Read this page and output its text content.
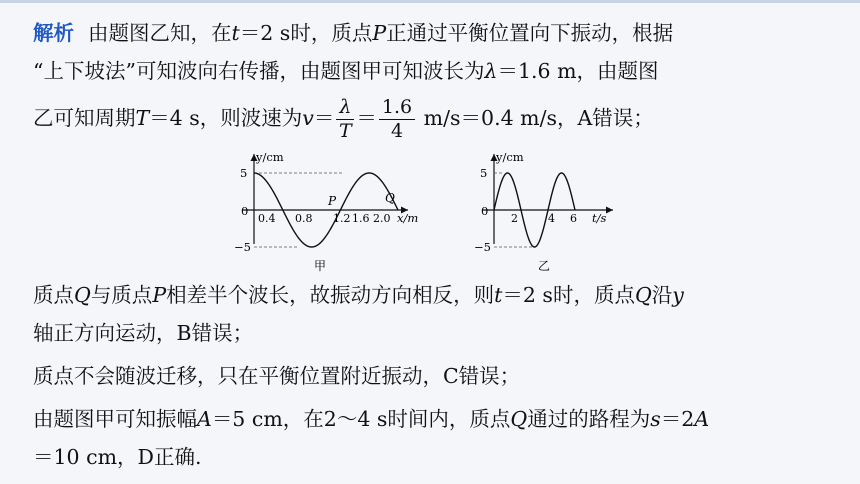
解析 由题图乙知，在t＝2 s时，质点P正通过平衡位置向下振动，根据
“上下坡法”可知波向右传播，由题图甲可知波长为λ＝1.6 m，由题图
乙可知周期T＝4 s，则波速为$v= \frac{\lambda}{T} = \frac{1.6}{4} m/s=0.4$ m/s，A错误；
y/cm
x/m
5
−5
0
0.4 0.8 1.2 1.6 2.0
P	Q
甲
y/cm
t/s
5
−5
0
2	4 6
乙
质点Q与质点P相差半个波长，故振动方向相反，则t＝2 s时，质点Q沿y
轴正方向运动，B错误；
质点不会随波迁移，只在平衡位置附近振动，C错误；
由题图甲可知振幅A＝5 cm，在2～4 s时间内，质点Q通过的路程为s＝2A
＝10 cm，D正确.
